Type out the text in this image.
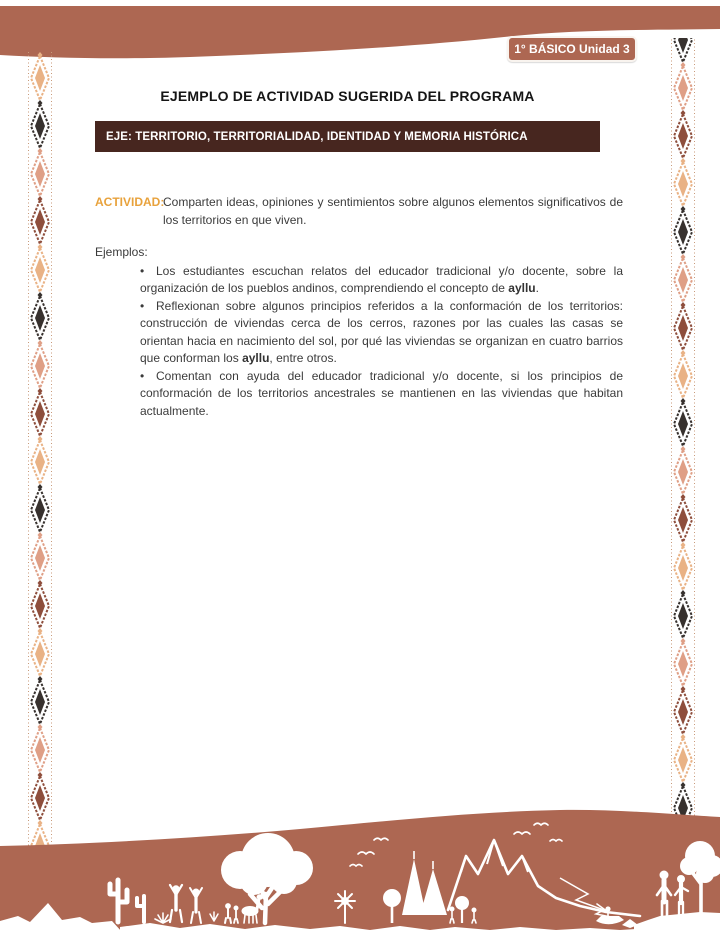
1° BÁSICO Unidad 3
EJEMPLO DE ACTIVIDAD SUGERIDA DEL PROGRAMA
EJE: TERRITORIO, TERRITORIALIDAD, IDENTIDAD Y MEMORIA HISTÓRICA
ACTIVIDAD:
Comparten ideas, opiniones y sentimientos sobre algunos elementos significativos de los territorios en que viven.

Ejemplos:

• Los estudiantes escuchan relatos del educador tradicional y/o docente, sobre la organización de los pueblos andinos, comprendiendo el concepto de ayllu.
• Reflexionan sobre algunos principios referidos a la conformación de los territorios: construcción de viviendas cerca de los cerros, razones por las cuales las casas se orientan hacia en nacimiento del sol, por qué las viviendas se organizan en cuatro barrios que conforman los ayllu, entre otros.
• Comentan con ayuda del educador tradicional y/o docente, si los principios de conformación de los territorios ancestrales se mantienen en las viviendas que habitan actualmente.
